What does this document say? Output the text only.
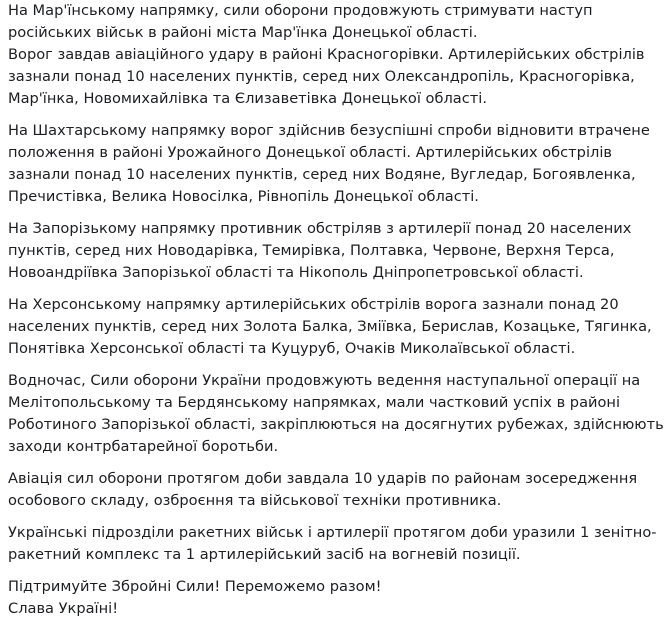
На Мар'їнському напрямку, сили оборони продовжують стримувати наступ російських військ в районі міста Мар'їнка Донецької області.
Ворог завдав авіаційного удару в районі Красногорівки. Артилерійських обстрілів зазнали понад 10 населених пунктів, серед них Олександропіль, Красногорівка, Мар'їнка, Новомихайлівка та Єлизаветівка Донецької області.

На Шахтарському напрямку ворог здійснив безуспішні спроби відновити втрачене положення в районі Урожайного Донецької області. Артилерійських обстрілів зазнали понад 10 населених пунктів, серед них Водяне, Вугледар, Богоявленка, Пречистівка, Велика Новосілка, Рівнопіль Донецької області.

На Запорізькому напрямку противник обстріляв з артилерії понад 20 населених пунктів, серед них Новодарівка, Темирівка, Полтавка, Червоне, Верхня Терса, Новоандріївка Запорізької області та Нікополь Дніпропетровської області.

На Херсонському напрямку артилерійських обстрілів ворога зазнали понад 20 населених пунктів, серед них Золота Балка, Зміївка, Берислав, Козацьке, Тягинка, Понятівка Херсонської області та Куцуруб, Очаків Миколаївської області.

Водночас, Сили оборони України продовжують ведення наступальної операції на Мелітопольському та Бердянському напрямках, мали частковий успіх в районі Роботиного Запорізької області, закріплюються на досягнутих рубежах, здійснюють заходи контрбатарейної боротьби.

Авіація сил оборони протягом доби завдала 10 ударів по районам зосередження особового складу, озброєння та військової техніки противника.

Українські підрозділи ракетних військ і артилерії протягом доби уразили 1 зенітно-ракетний комплекс та 1 артилерійський засіб на вогневій позиції.

Підтримуйте Збройні Сили! Переможемо разом!
Слава Україні!
